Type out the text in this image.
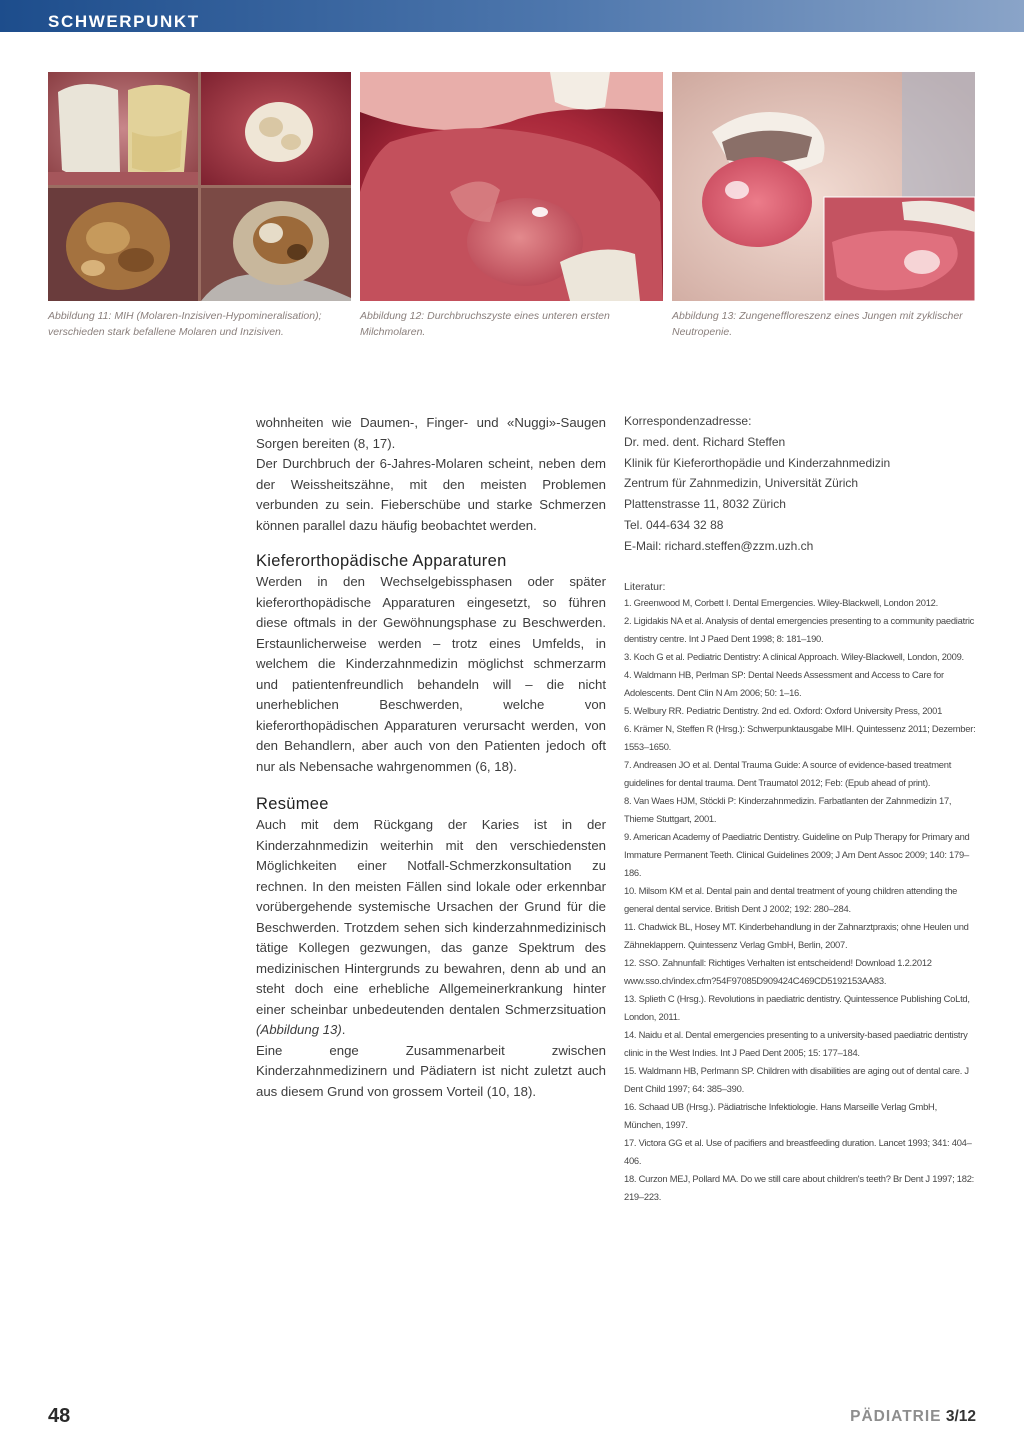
SCHWERPUNKT
Abbildung 11: MIH (Molaren-Inzisiven-Hypomineralisation); verschieden stark befallene Molaren und Inzisiven.
Abbildung 12: Durchbruchszyste eines unteren ersten Milchmolaren.
Abbildung 13: Zungeneffloreszenz eines Jungen mit zyklischer Neutropenie.

wohnheiten wie Daumen-, Finger- und «Nuggi»-Saugen Sorgen bereiten (8, 17).

Der Durchbruch der 6-Jahres-Molaren scheint, neben dem der Weissheitszähne, mit den meisten Problemen verbunden zu sein. Fieberschübe und starke Schmerzen können parallel dazu häufig beobachtet werden.

Kieferorthopädische Apparaturen

Werden in den Wechselgebissphasen oder später kieferorthopädische Apparaturen eingesetzt, so führen diese oftmals in der Gewöhnungsphase zu Beschwerden. Erstaunlicherweise werden – trotz eines Umfelds, in welchem die Kinderzahnmedizin möglichst schmerzarm und patientenfreundlich behandeln will – die nicht unerheblichen Beschwerden, welche von kieferorthopädischen Apparaturen verursacht werden, von den Behandlern, aber auch von den Patienten jedoch oft nur als Nebensache wahrgenommen (6, 18).

Resümee

Auch mit dem Rückgang der Karies ist in der Kinderzahnmedizin weiterhin mit den verschiedensten Möglichkeiten einer Notfall-Schmerzkonsultation zu rechnen. In den meisten Fällen sind lokale oder erkennbar vorübergehende systemische Ursachen der Grund für die Beschwerden. Trotzdem sehen sich kinderzahnmedizinisch tätige Kollegen gezwungen, das ganze Spektrum des medizinischen Hintergrunds zu bewahren, denn ab und an steht doch eine erhebliche Allgemeinerkrankung hinter einer scheinbar unbedeutenden dentalen Schmerzsituation (Abbildung 13).

Eine enge Zusammenarbeit zwischen Kinderzahnmedizinern und Pädiatern ist nicht zuletzt auch aus diesem Grund von grossem Vorteil (10, 18).

Korrespondenzadresse:
Dr. med. dent. Richard Steffen
Klinik für Kieferorthopädie und Kinderzahnmedizin
Zentrum für Zahnmedizin, Universität Zürich
Plattenstrasse 11, 8032 Zürich
Tel. 044-634 32 88
E-Mail: richard.steffen@zzm.uzh.ch
Literatur:
1. Greenwood M, Corbett I. Dental Emergencies. Wiley-Blackwell, London 2012.
2. Ligidakis NA et al. Analysis of dental emergencies presenting to a community paediatric dentistry centre. Int J Paed Dent 1998; 8: 181–190.
3. Koch G et al. Pediatric Dentistry: A clinical Approach. Wiley-Blackwell, London, 2009.
4. Waldmann HB, Perlman SP: Dental Needs Assessment and Access to Care for Adolescents. Dent Clin N Am 2006; 50: 1–16.
5. Welbury RR. Pediatric Dentistry. 2nd ed. Oxford: Oxford University Press, 2001
6. Krämer N, Steffen R (Hrsg.): Schwerpunktausgabe MIH. Quintessenz 2011; Dezember: 1553–1650.
7. Andreasen JO et al. Dental Trauma Guide: A source of evidence-based treatment guidelines for dental trauma. Dent Traumatol 2012; Feb: (Epub ahead of print).
8. Van Waes HJM, Stöckli P: Kinderzahnmedizin. Farbatlanten der Zahnmedizin 17, Thieme Stuttgart, 2001.
9. American Academy of Paediatric Dentistry. Guideline on Pulp Therapy for Primary and Immature Permanent Teeth. Clinical Guidelines 2009; J Am Dent Assoc 2009; 140: 179–186.
10. Milsom KM et al. Dental pain and dental treatment of young children attending the general dental service. British Dent J 2002; 192: 280–284.
11. Chadwick BL, Hosey MT. Kinderbehandlung in der Zahnarztpraxis; ohne Heulen und Zähneklappern. Quintessenz Verlag GmbH, Berlin, 2007.
12. SSO. Zahnunfall: Richtiges Verhalten ist entscheidend! Download 1.2.2012 www.sso.ch/index.cfm?54F97085D909424C469CD5192153AA83.
13. Splieth C (Hrsg.). Revolutions in paediatric dentistry. Quintessence Publishing CoLtd, London, 2011.
14. Naidu et al. Dental emergencies presenting to a university-based paediatric dentistry clinic in the West Indies. Int J Paed Dent 2005; 15: 177–184.
15. Waldmann HB, Perlmann SP. Children with disabilities are aging out of dental care. J Dent Child 1997; 64: 385–390.
16. Schaad UB (Hrsg.). Pädiatrische Infektiologie. Hans Marseille Verlag GmbH, München, 1997.
17. Victora GG et al. Use of pacifiers and breastfeeding duration. Lancet 1993; 341: 404–406.
18. Curzon MEJ, Pollard MA. Do we still care about children's teeth? Br Dent J 1997; 182: 219–223.
48	PÄDIATRIE 3/12
